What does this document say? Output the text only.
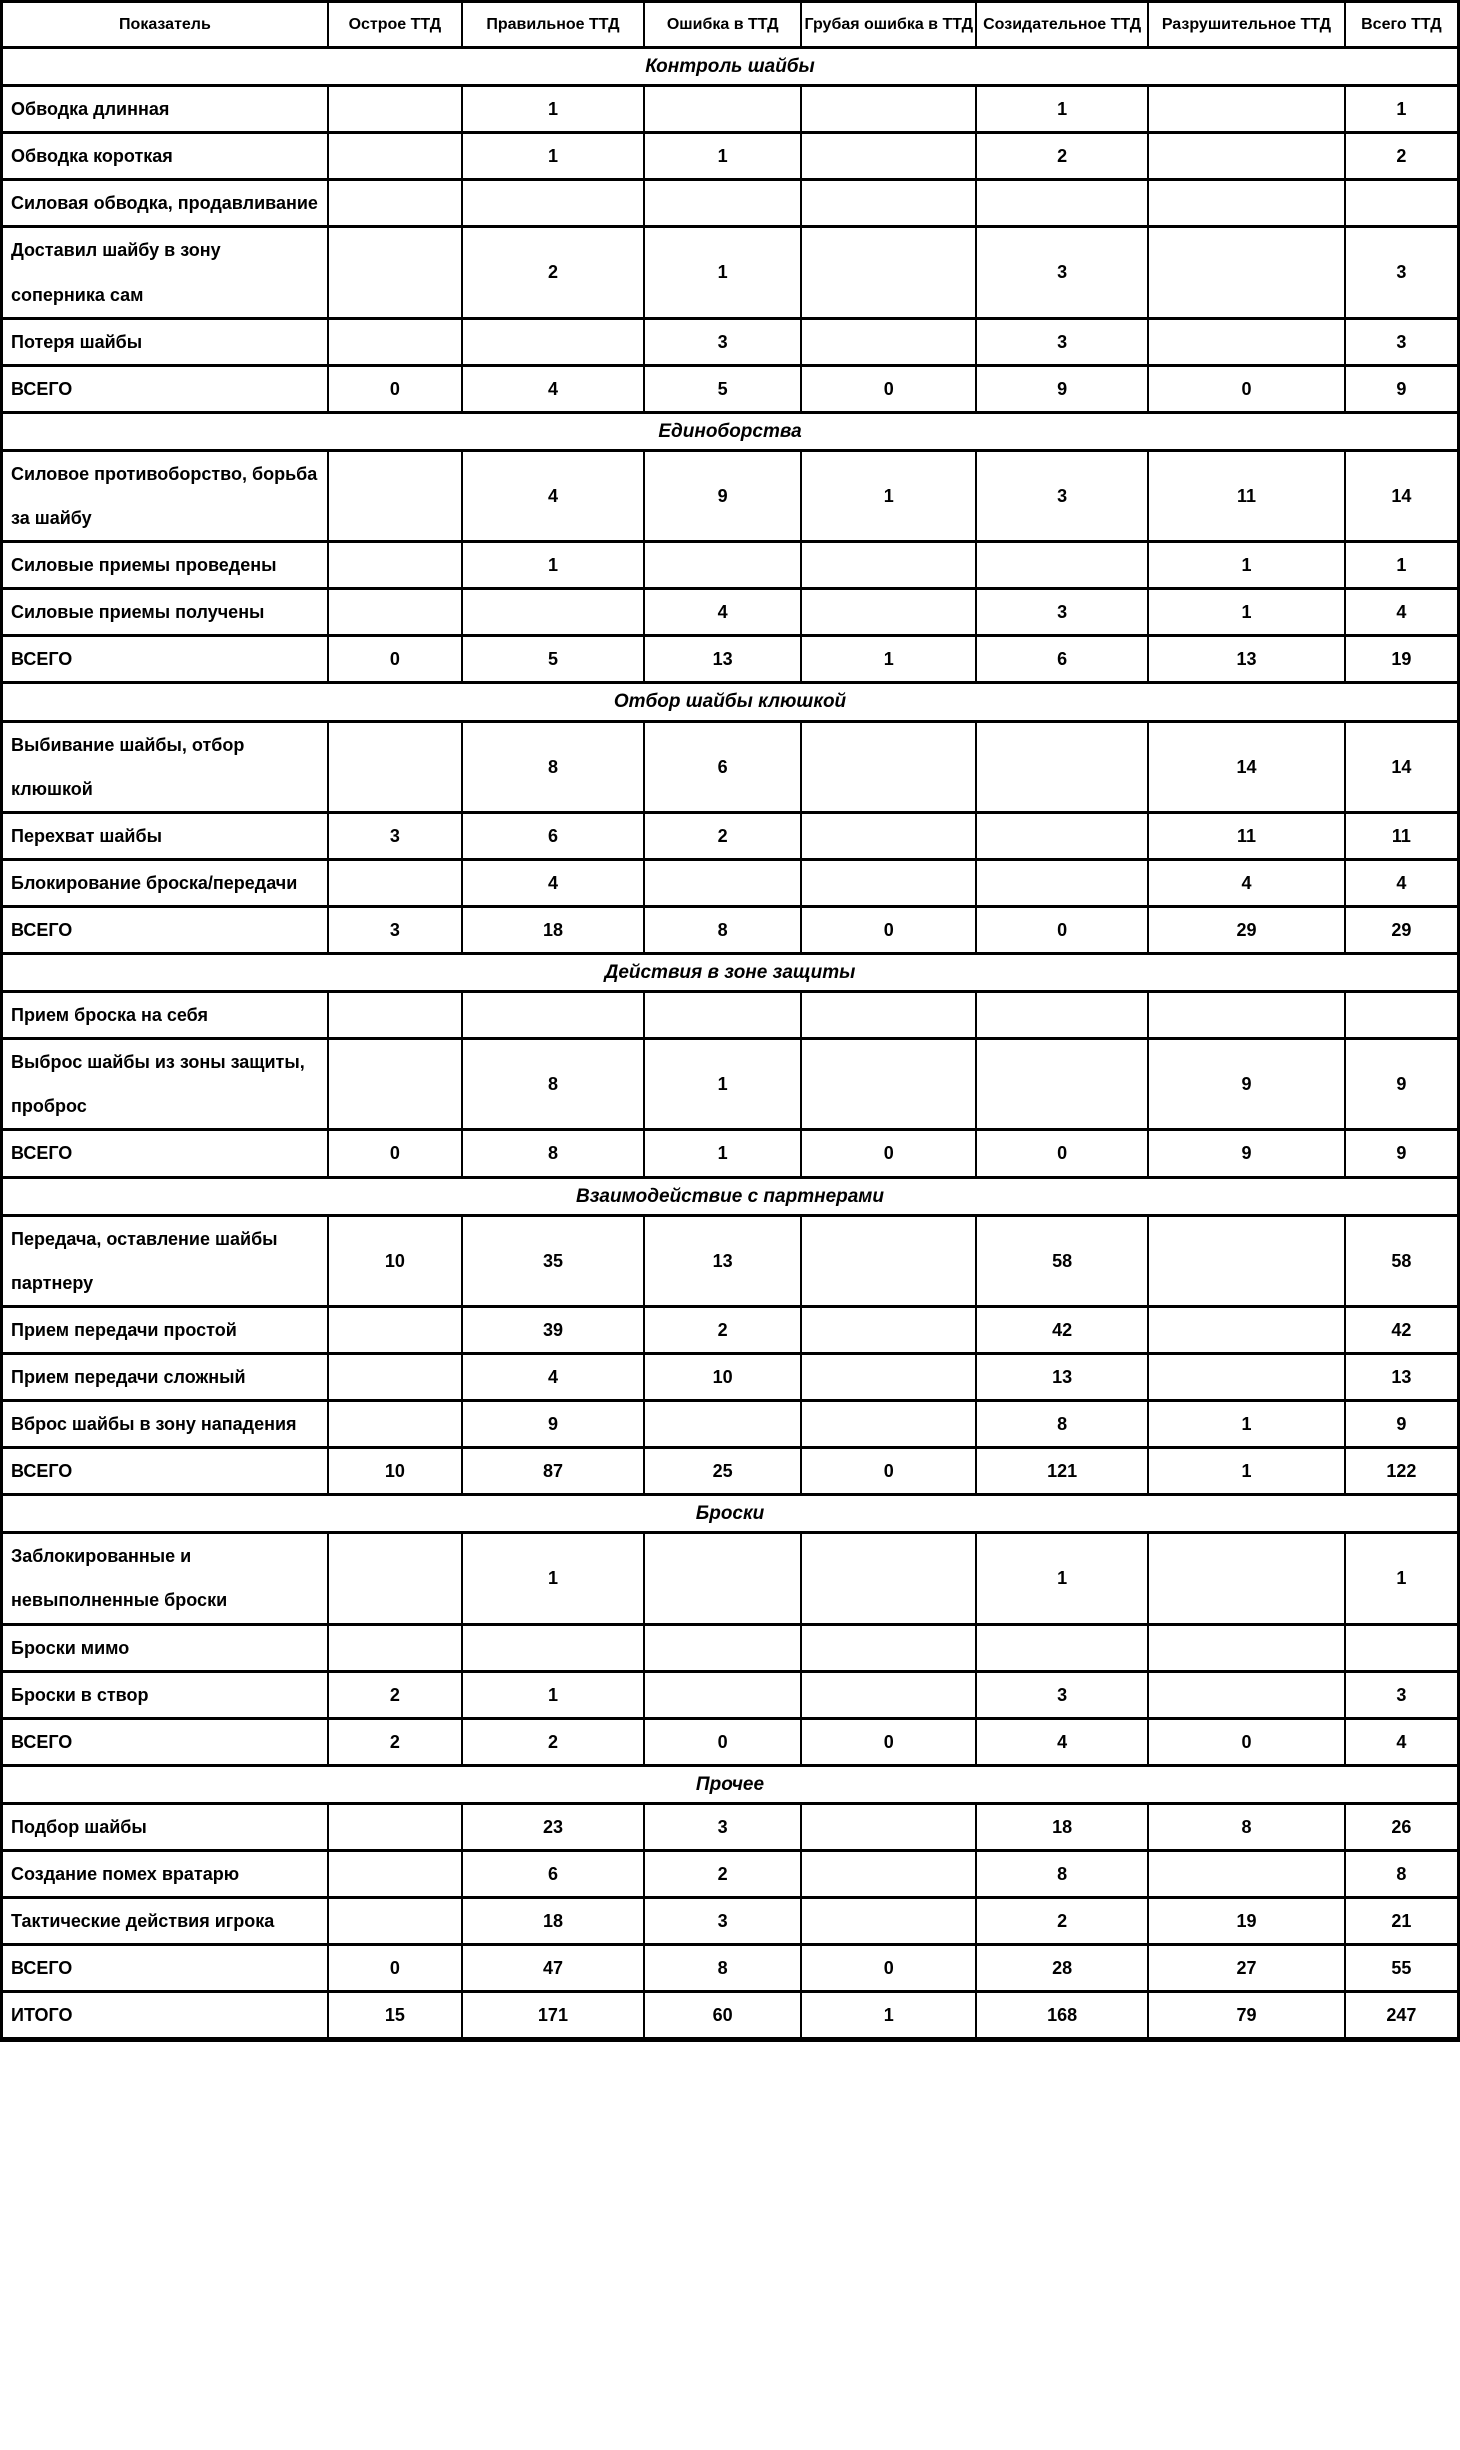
Показатель	Острое ТТД	Правильное ТТД	Ошибка в ТТД	Грубая ошибка в ТТД	Созидательное ТТД	Разрушительное ТТД	Всего ТТД
Контроль шайбы							
Обводка длинная		1			1		1
Обводка короткая		1	1		2		2
Силовая обводка, продавливание							
Доставил шайбу в зону соперника сам		2	1		3		3
Потеря шайбы			3		3		3
ВСЕГО	0	4	5	0	9	0	9
Единоборства							
Силовое противоборство, борьба за шайбу		4	9	1	3	11	14
Силовые приемы проведены		1				1	1
Силовые приемы получены			4		3	1	4
ВСЕГО	0	5	13	1	6	13	19
Отбор шайбы клюшкой							
Выбивание шайбы, отбор клюшкой		8	6			14	14
Перехват шайбы	3	6	2			11	11
Блокирование броска/передачи		4				4	4
ВСЕГО	3	18	8	0	0	29	29
Действия в зоне защиты							
Прием броска на себя							
Выброс шайбы из зоны защиты, проброс		8	1			9	9
ВСЕГО	0	8	1	0	0	9	9
Взаимодействие с партнерами							
Передача, оставление шайбы партнеру	10	35	13		58		58
Прием передачи простой		39	2		42		42
Прием передачи сложный		4	10		13		13
Вброс шайбы в зону нападения		9			8	1	9
ВСЕГО	10	87	25	0	121	1	122
Броски							
Заблокированные и невыполненные броски		1			1		1
Броски мимо							
Броски в створ	2	1			3		3
ВСЕГО	2	2	0	0	4	0	4
Прочее							
Подбор шайбы		23	3		18	8	26
Создание помех вратарю		6	2		8		8
Тактические действия игрока		18	3		2	19	21
ВСЕГО	0	47	8	0	28	27	55
ИТОГО	15	171	60	1	168	79	247
